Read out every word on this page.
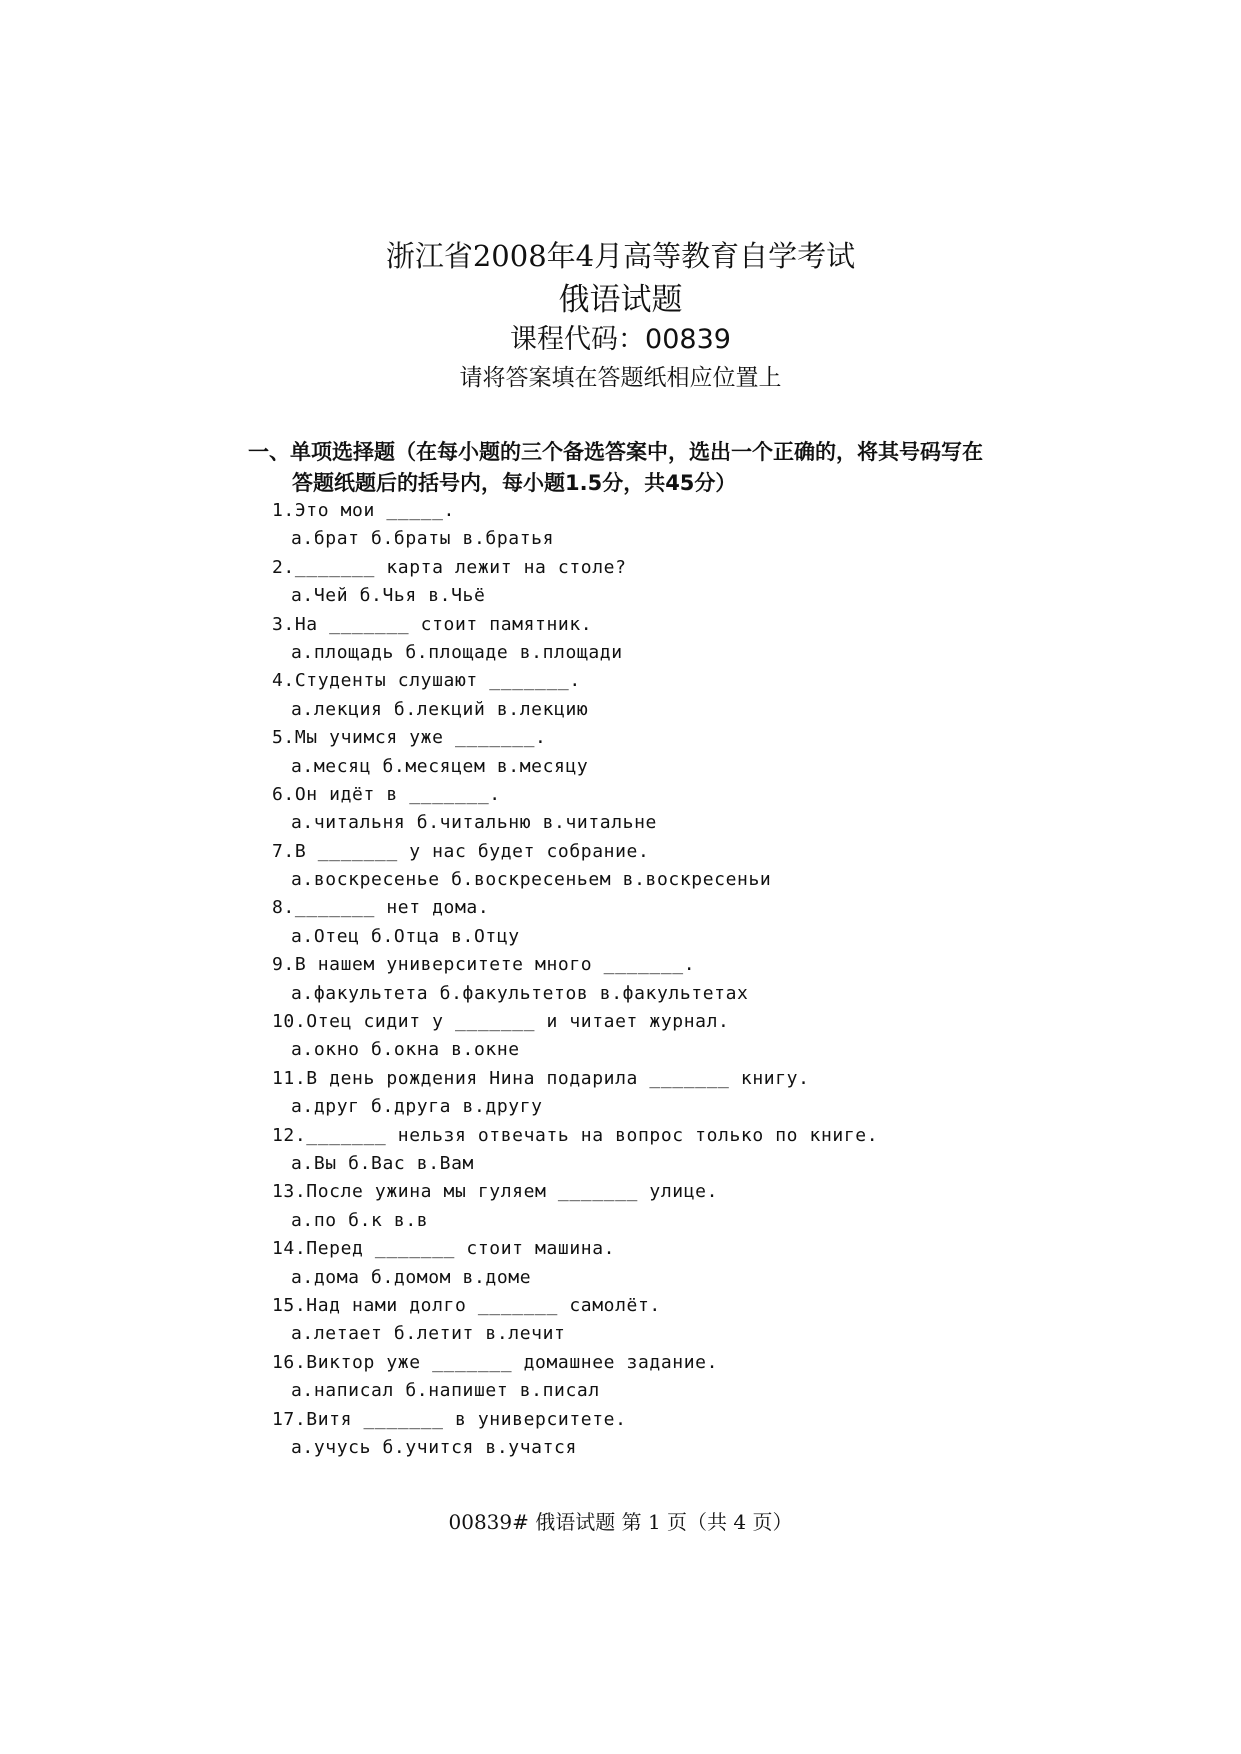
浙江省2008年4月高等教育自学考试
俄语试题
课程代码：00839
请将答案填在答题纸相应位置上
一、单项选择题（在每小题的三个备选答案中，选出一个正确的，将其号码写在
答题纸题后的括号内，每小题1.5分，共45分）
1.Это мои _____.
а.брат б.браты в.братья
2._______ карта лежит на столе?
а.Чей б.Чья в.Чьё
3.На _______ стоит памятник.
а.площадь б.площаде в.площади
4.Студенты слушают _______.
а.лекция б.лекций в.лекцию
5.Мы учимся уже _______.
а.месяц б.месяцем в.месяцу
6.Он идёт в _______.
а.читальня б.читальню в.читальне
7.В _______ у нас будет собрание.
а.воскресенье б.воскресеньем в.воскресеньи
8._______ нет дома.
а.Отец б.Отца в.Отцу
9.В нашем университете много _______.
а.факультета б.факультетов в.факультетах
10.Отец сидит у _______ и читает журнал.
а.окно б.окна в.окне
11.В день рождения Нина подарила _______ книгу.
а.друг б.друга в.другу
12._______ нельзя отвечать на вопрос только по книге.
а.Вы б.Вас в.Вам
13.После ужина мы гуляем _______ улице.
а.по б.к в.в
14.Перед _______ стоит машина.
а.дома б.домом в.доме
15.Над нами долго _______ самолёт.
а.летает б.летит в.лечит
16.Виктор уже _______ домашнее задание.
а.написал б.напишет в.писал
17.Витя _______ в университете.
а.учусь б.учится в.учатся
00839# 俄语试题 第 1 页（共 4 页）
